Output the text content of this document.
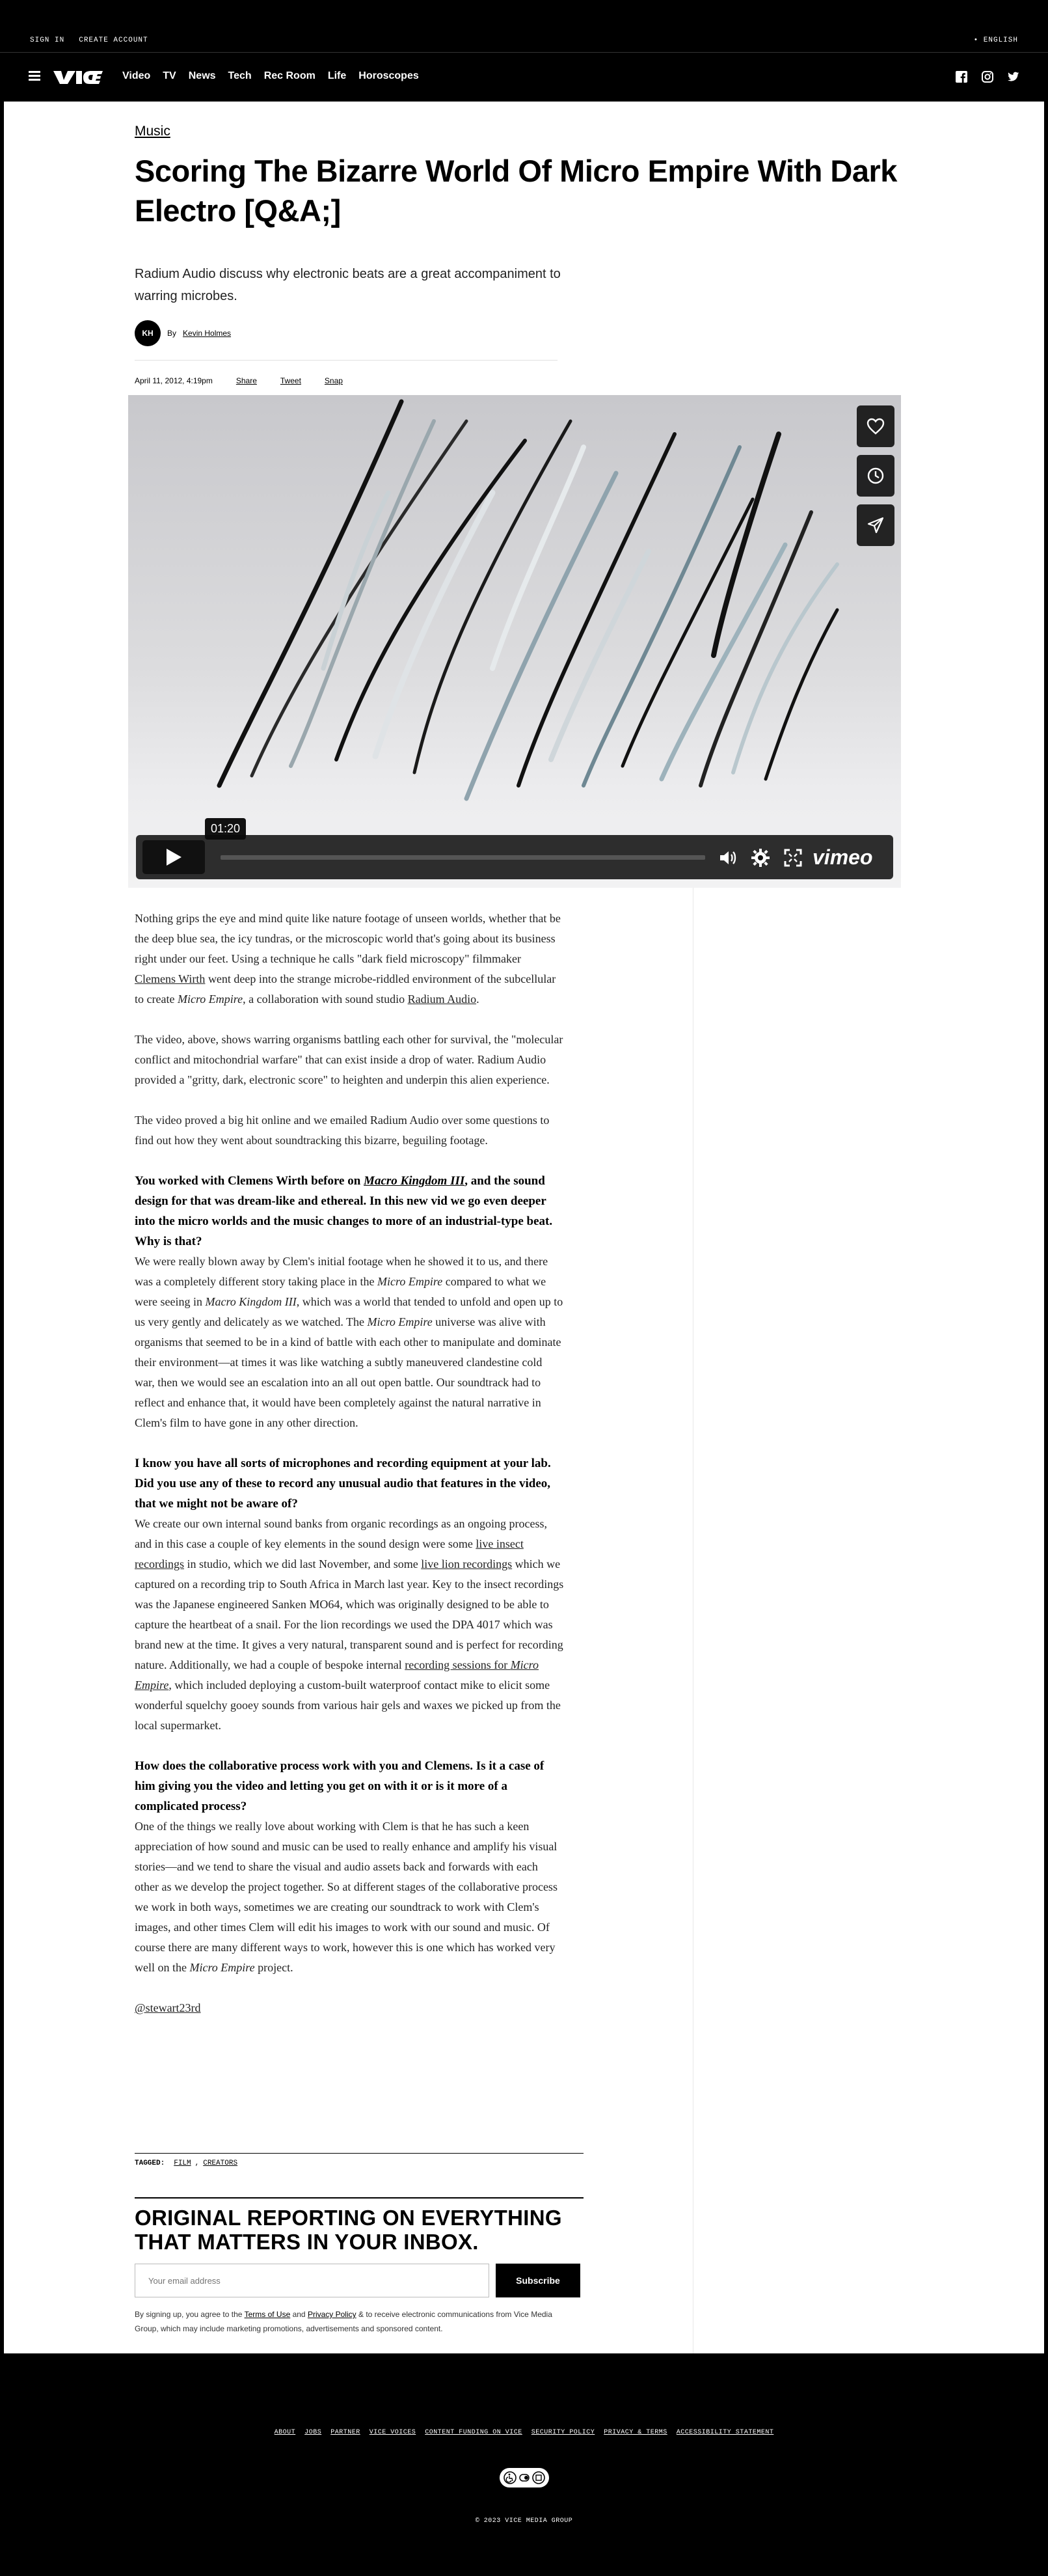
SIGN IN CREATE ACCOUNT	• ENGLISH
Video TV News Tech Rec Room Life Horoscopes
Music
Scoring The Bizarre World Of Micro Empire With Dark Electro [Q&A;]
Radium Audio discuss why electronic beats are a great accompaniment to warring microbes.
KH	By Kevin Holmes
April 11, 2012, 4:19pm	Share	Tweet	Snap
01:20
vimeo

Nothing grips the eye and mind quite like nature footage of unseen worlds, whether that be the deep blue sea, the icy tundras, or the microscopic world that's going about its business right under our feet. Using a technique he calls "dark field microscopy" filmmaker Clemens Wirth went deep into the strange microbe-riddled environment of the subcellular to create Micro Empire, a collaboration with sound studio Radium Audio.

The video, above, shows warring organisms battling each other for survival, the "molecular conflict and mitochondrial warfare" that can exist inside a drop of water. Radium Audio provided a "gritty, dark, electronic score" to heighten and underpin this alien experience.

The video proved a big hit online and we emailed Radium Audio over some questions to find out how they went about soundtracking this bizarre, beguiling footage.

You worked with Clemens Wirth before on Macro Kingdom III, and the sound design for that was dream-like and ethereal. In this new vid we go even deeper into the micro worlds and the music changes to more of an industrial-type beat. Why is that?

We were really blown away by Clem's initial footage when he showed it to us, and there was a completely different story taking place in the Micro Empire compared to what we were seeing in Macro Kingdom III, which was a world that tended to unfold and open up to us very gently and delicately as we watched. The Micro Empire universe was alive with organisms that seemed to be in a kind of battle with each other to manipulate and dominate their environment—at times it was like watching a subtly maneuvered clandestine cold war, then we would see an escalation into an all out open battle. Our soundtrack had to reflect and enhance that, it would have been completely against the natural narrative in Clem's film to have gone in any other direction.

I know you have all sorts of microphones and recording equipment at your lab. Did you use any of these to record any unusual audio that features in the video, that we might not be aware of?

We create our own internal sound banks from organic recordings as an ongoing process, and in this case a couple of key elements in the sound design were some live insect recordings in studio, which we did last November, and some live lion recordings which we captured on a recording trip to South Africa in March last year. Key to the insect recordings was the Japanese engineered Sanken MO64, which was originally designed to be able to capture the heartbeat of a snail. For the lion recordings we used the DPA 4017 which was brand new at the time. It gives a very natural, transparent sound and is perfect for recording nature. Additionally, we had a couple of bespoke internal recording sessions for Micro Empire, which included deploying a custom-built waterproof contact mike to elicit some wonderful squelchy gooey sounds from various hair gels and waxes we picked up from the local supermarket.

How does the collaborative process work with you and Clemens. Is it a case of him giving you the video and letting you get on with it or is it more of a complicated process?

One of the things we really love about working with Clem is that he has such a keen appreciation of how sound and music can be used to really enhance and amplify his visual stories—and we tend to share the visual and audio assets back and forwards with each other as we develop the project together. So at different stages of the collaborative process we work in both ways, sometimes we are creating our soundtrack to work with Clem's images, and other times Clem will edit his images to work with our sound and music. Of course there are many different ways to work, however this is one which has worked very well on the Micro Empire project.

@stewart23rd

TAGGED: FILM , CREATORS
ORIGINAL REPORTING ON EVERYTHING THAT MATTERS IN YOUR INBOX.
Your email address
Subscribe
By signing up, you agree to the Terms of Use and Privacy Policy & to receive electronic communications from Vice Media Group, which may include marketing promotions, advertisements and sponsored content.
ABOUT JOBS PARTNER VICE VOICES CONTENT FUNDING ON VICE SECURITY POLICY PRIVACY & TERMS ACCESSIBILITY STATEMENT
© 2023 VICE MEDIA GROUP
